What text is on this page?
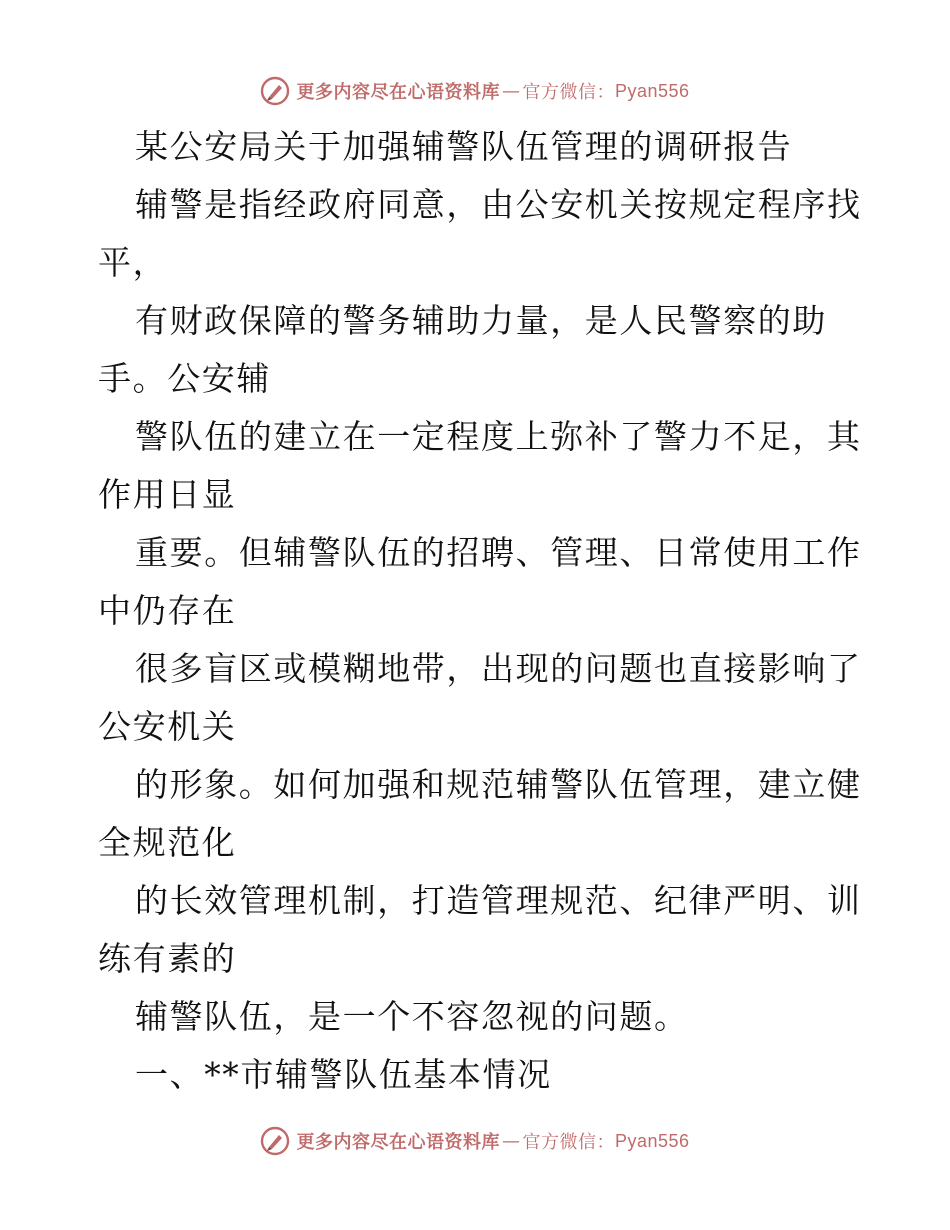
更多内容尽在心语资料库 — 官方微信： Pyan556
某公安局关于加强辅警队伍管理的调研报告
辅警是指经政府同意，由公安机关按规定程序找
平，
有财政保障的警务辅助力量，是人民警察的助
手。公安辅
警队伍的建立在一定程度上弥补了警力不足，其
作用日显
重要。但辅警队伍的招聘、管理、日常使用工作
中仍存在
很多盲区或模糊地带，出现的问题也直接影响了
公安机关
的形象。如何加强和规范辅警队伍管理，建立健
全规范化
的长效管理机制，打造管理规范、纪律严明、训
练有素的
辅警队伍，是一个不容忽视的问题。
一、**市辅警队伍基本情况
更多内容尽在心语资料库 — 官方微信： Pyan556
